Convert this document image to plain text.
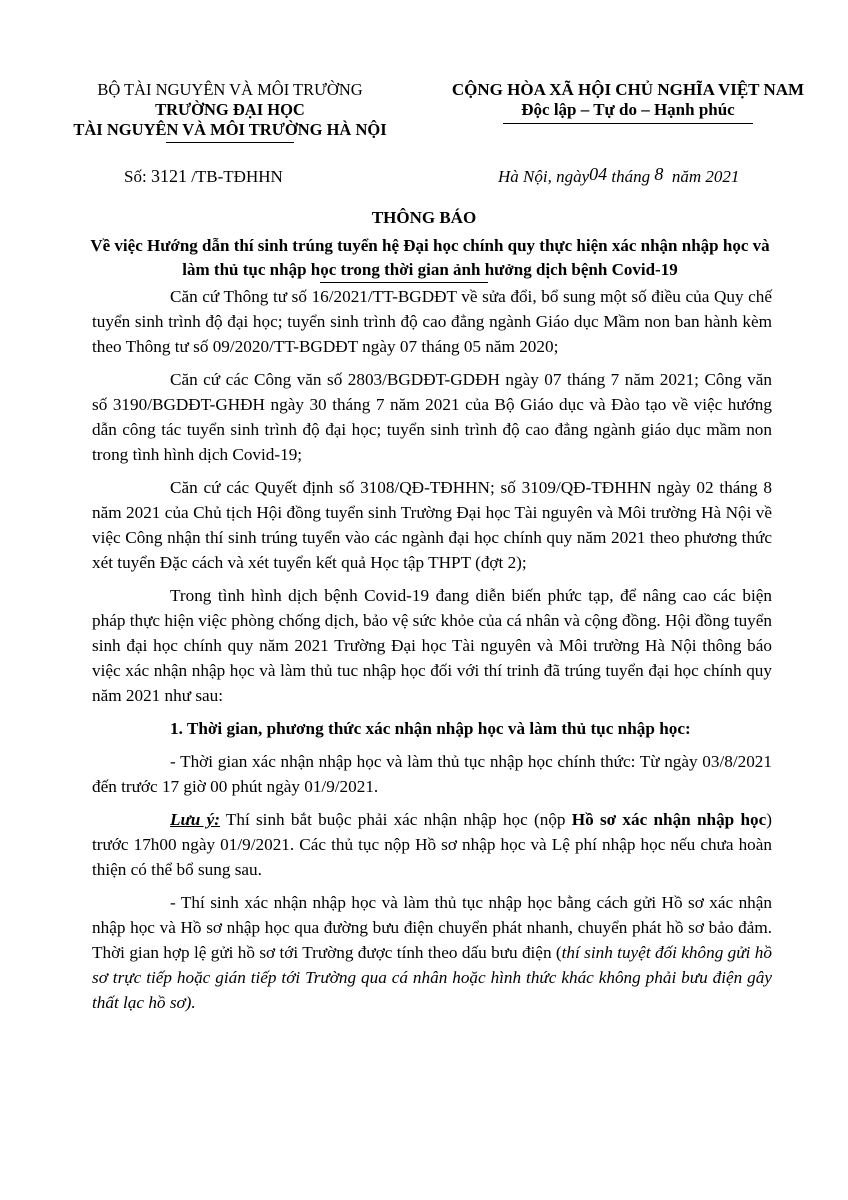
BỘ TÀI NGUYÊN VÀ MÔI TRƯỜNG
TRƯỜNG ĐẠI HỌC
TÀI NGUYÊN VÀ MÔI TRƯỜNG HÀ NỘI
CỘNG HÒA XÃ HỘI CHỦ NGHĨA VIỆT NAM
Độc lập – Tự do – Hạnh phúc
Số: 3121 /TB-TĐHHN	Hà Nội, ngày04 tháng 8  năm 2021
THÔNG BÁO
Về việc Hướng dẫn thí sinh trúng tuyển hệ Đại học chính quy thực hiện xác nhận nhập học và làm thủ tục nhập học trong thời gian ảnh hưởng dịch bệnh Covid-19

Căn cứ Thông tư số 16/2021/TT-BGDĐT về sửa đổi, bổ sung một số điều của Quy chế tuyển sinh trình độ đại học; tuyển sinh trình độ cao đẳng ngành Giáo dục Mầm non ban hành kèm theo Thông tư số 09/2020/TT-BGDĐT ngày 07 tháng 05 năm 2020;

Căn cứ các Công văn số 2803/BGDĐT-GDĐH ngày 07 tháng 7 năm 2021; Công văn số 3190/BGDĐT-GHĐH ngày 30 tháng 7 năm 2021 của Bộ Giáo dục và Đào tạo về việc hướng dẫn công tác tuyển sinh trình độ đại học; tuyển sinh trình độ cao đẳng ngành giáo dục mầm non trong tình hình dịch Covid-19;

Căn cứ các Quyết định số 3108/QĐ-TĐHHN; số 3109/QĐ-TĐHHN ngày 02 tháng 8 năm 2021 của Chủ tịch Hội đồng tuyển sinh Trường Đại học Tài nguyên và Môi trường Hà Nội về việc Công nhận thí sinh trúng tuyển vào các ngành đại học chính quy năm 2021 theo phương thức xét tuyển Đặc cách và xét tuyển kết quả Học tập THPT (đợt 2);

Trong tình hình dịch bệnh Covid-19 đang diễn biến phức tạp, để nâng cao các biện pháp thực hiện việc phòng chống dịch, bảo vệ sức khỏe của cá nhân và cộng đồng. Hội đồng tuyển sinh đại học chính quy năm 2021 Trường Đại học Tài nguyên và Môi trường Hà Nội thông báo việc xác nhận nhập học và làm thủ tuc nhập học đối với thí trinh đã trúng tuyển đại học chính quy năm 2021 như sau:

1. Thời gian, phương thức xác nhận nhập học và làm thủ tục nhập học:

- Thời gian xác nhận nhập học và làm thủ tục nhập học chính thức: Từ ngày 03/8/2021 đến trước 17 giờ 00 phút ngày 01/9/2021.

Lưu ý: Thí sinh bắt buộc phải xác nhận nhập học (nộp Hồ sơ xác nhận nhập học) trước 17h00 ngày 01/9/2021. Các thủ tục nộp Hồ sơ nhập học và Lệ phí nhập học nếu chưa hoàn thiện có thể bổ sung sau.

- Thí sinh xác nhận nhập học và làm thủ tục nhập học bằng cách gửi Hồ sơ xác nhận nhập học và Hồ sơ nhập học qua đường bưu điện chuyển phát nhanh, chuyển phát hồ sơ bảo đảm. Thời gian hợp lệ gửi hồ sơ tới Trường được tính theo dấu bưu điện (thí sinh tuyệt đối không gửi hồ sơ trực tiếp hoặc gián tiếp tới Trường qua cá nhân hoặc hình thức khác không phải bưu điện gây thất lạc hồ sơ).
